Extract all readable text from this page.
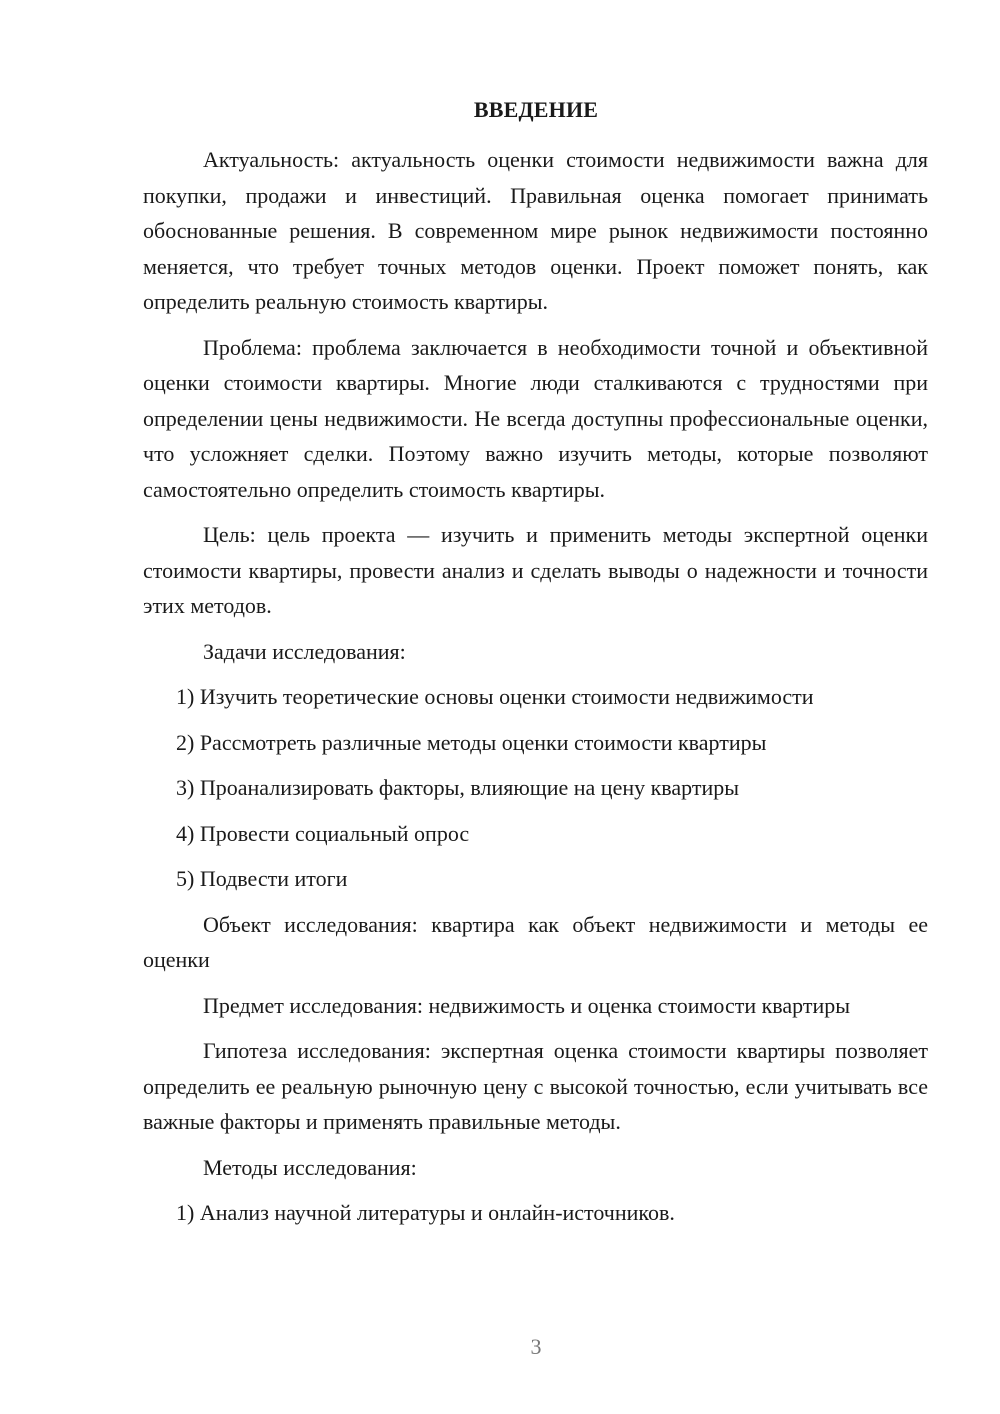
ВВЕДЕНИЕ

Актуальность: актуальность оценки стоимости недвижимости важна для покупки, продажи и инвестиций. Правильная оценка помогает принимать обоснованные решения. В современном мире рынок недвижимости постоянно меняется, что требует точных методов оценки. Проект поможет понять, как определить реальную стоимость квартиры.

Проблема: проблема заключается в необходимости точной и объективной оценки стоимости квартиры. Многие люди сталкиваются с трудностями при определении цены недвижимости. Не всегда доступны профессиональные оценки, что усложняет сделки. Поэтому важно изучить методы, которые позволяют самостоятельно определить стоимость квартиры.

Цель: цель проекта — изучить и применить методы экспертной оценки стоимости квартиры, провести анализ и сделать выводы о надежности и точности этих методов.

Задачи исследования:

1) Изучить теоретические основы оценки стоимости недвижимости
2) Рассмотреть различные методы оценки стоимости квартиры
3) Проанализировать факторы, влияющие на цену квартиры
4) Провести социальный опрос
5) Подвести итоги

Объект исследования: квартира как объект недвижимости и методы ее оценки

Предмет исследования: недвижимость и оценка стоимости квартиры

Гипотеза исследования: экспертная оценка стоимости квартиры позволяет определить ее реальную рыночную цену с высокой точностью, если учитывать все важные факторы и применять правильные методы.

Методы исследования:

1) Анализ научной литературы и онлайн-источников.
3
